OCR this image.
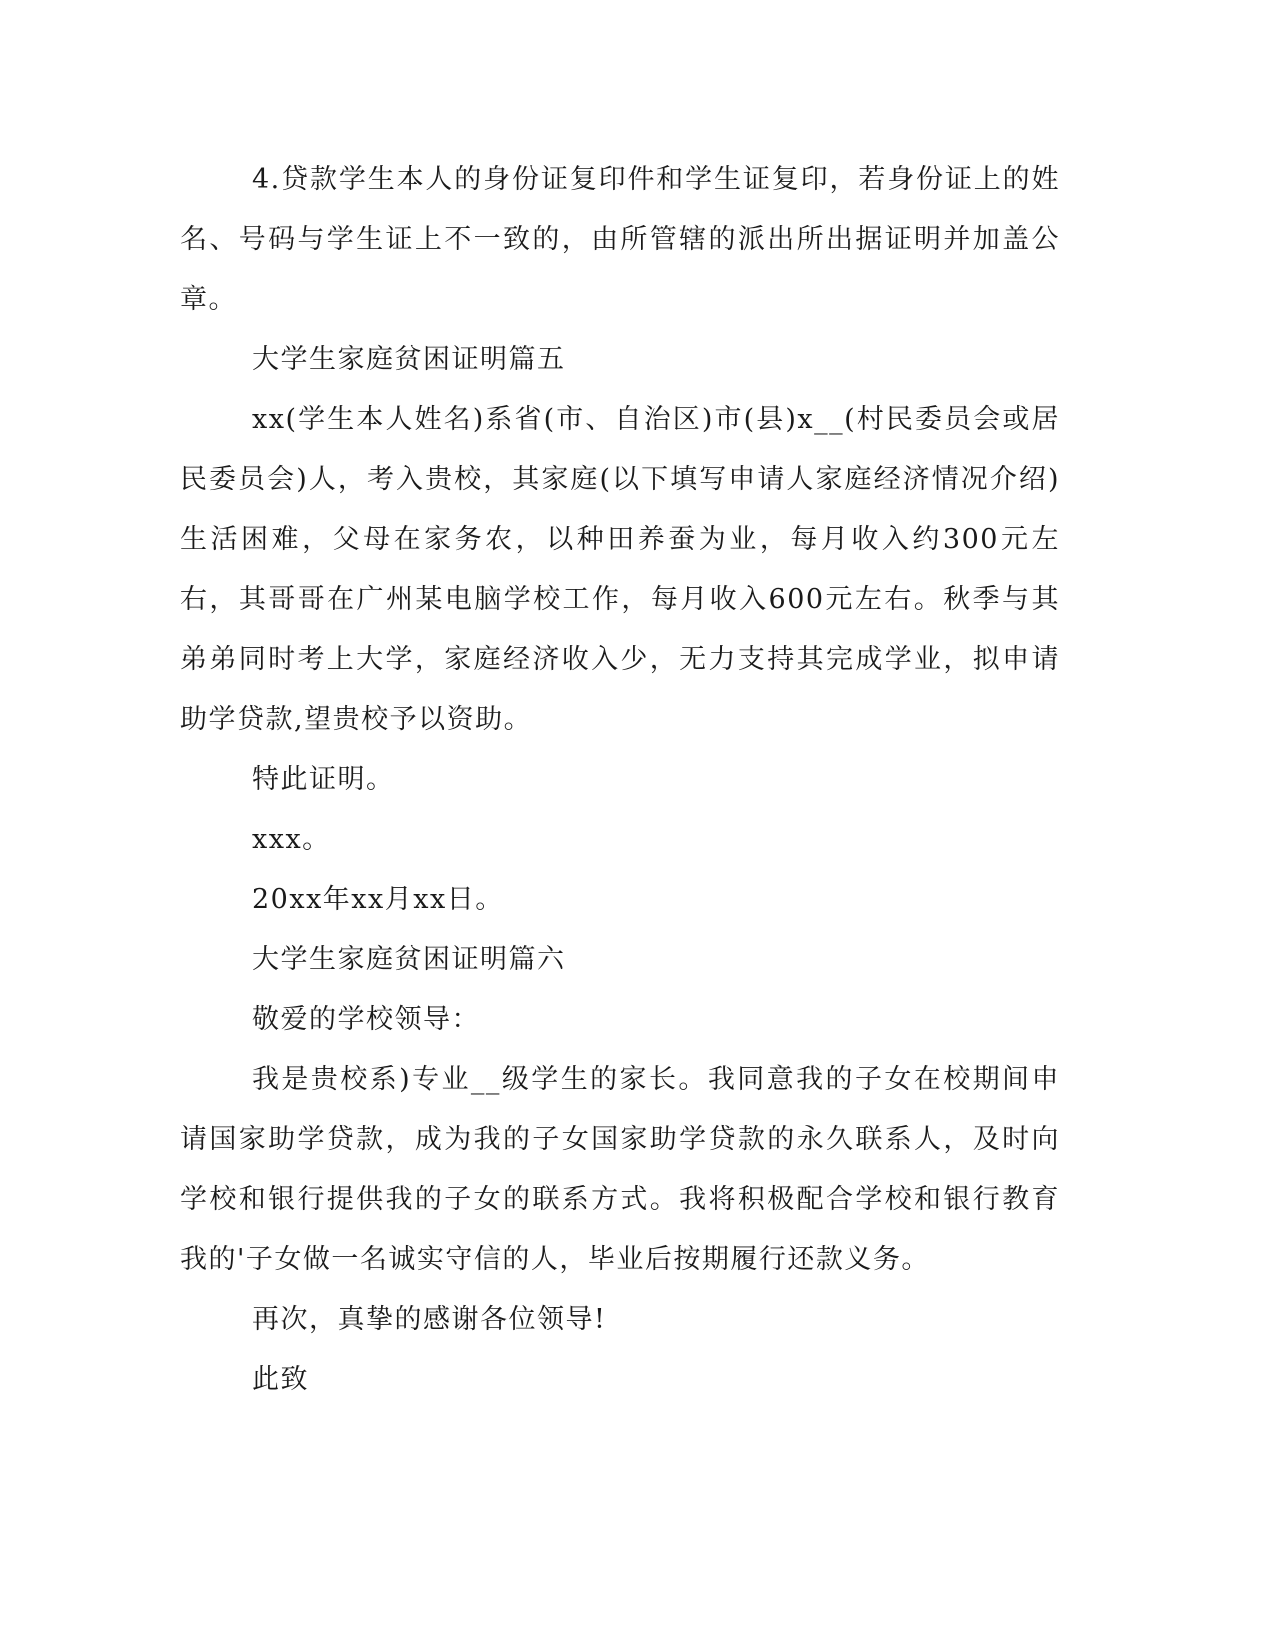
4.贷款学生本人的身份证复印件和学生证复印，若身份证上的姓名、号码与学生证上不一致的，由所管辖的派出所出据证明并加盖公章。

大学生家庭贫困证明篇五

xx(学生本人姓名)系省(市、自治区)市(县)x__(村民委员会或居民委员会)人，考入贵校，其家庭(以下填写申请人家庭经济情况介绍)生活困难，父母在家务农，以种田养蚕为业，每月收入约300元左右，其哥哥在广州某电脑学校工作，每月收入600元左右。秋季与其弟弟同时考上大学，家庭经济收入少，无力支持其完成学业，拟申请助学贷款,望贵校予以资助。

特此证明。

xxx。

20xx年xx月xx日。

大学生家庭贫困证明篇六

敬爱的学校领导：

我是贵校系)专业__级学生的家长。我同意我的子女在校期间申请国家助学贷款，成为我的子女国家助学贷款的永久联系人，及时向学校和银行提供我的子女的联系方式。我将积极配合学校和银行教育我的'子女做一名诚实守信的人，毕业后按期履行还款义务。

再次，真挚的感谢各位领导!

此致
